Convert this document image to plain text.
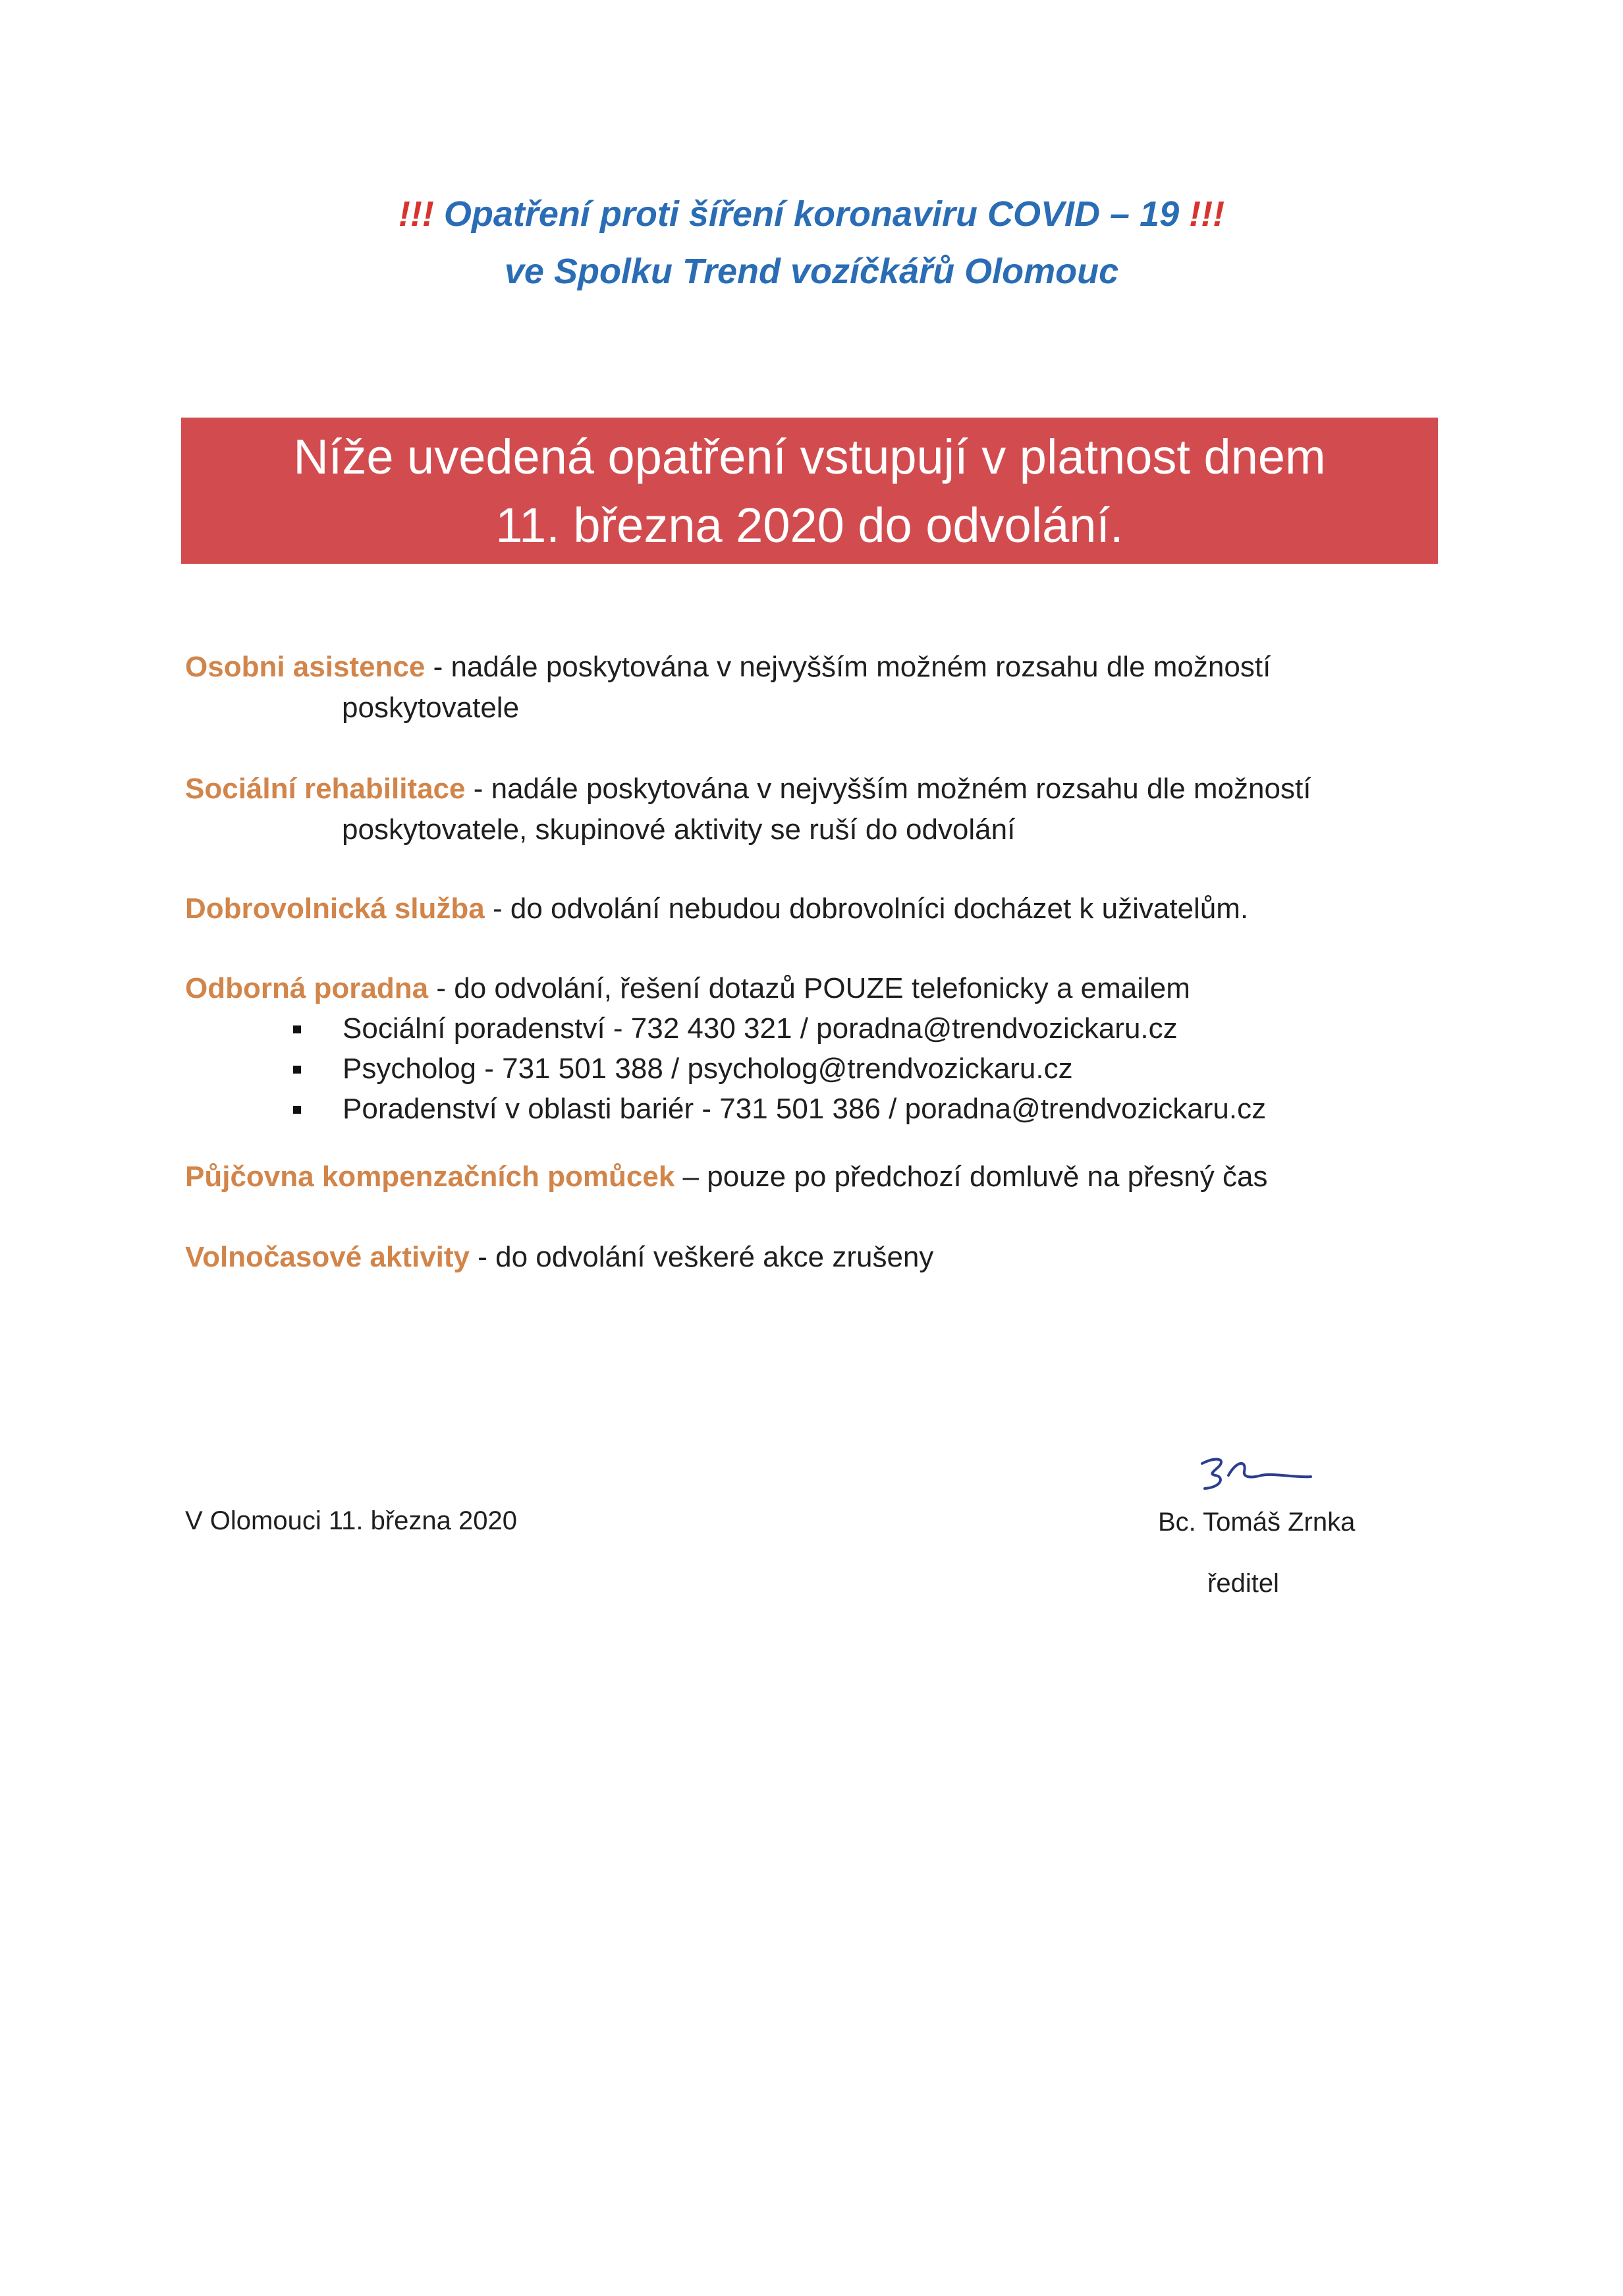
!!! Opatření proti šíření koronaviru COVID – 19 !!!
ve Spolku Trend vozíčkářů Olomouc
Níže uvedená opatření vstupují v platnost dnem
11. března 2020 do odvolání.
Osobni asistence - nadále poskytována v nejvyšším možném rozsahu dle možností
poskytovatele
Sociální rehabilitace - nadále poskytována v nejvyšším možném rozsahu dle možností
poskytovatele, skupinové aktivity se ruší do odvolání
Dobrovolnická služba - do odvolání nebudou dobrovolníci docházet k uživatelům.
Odborná poradna - do odvolání, řešení dotazů POUZE telefonicky a emailem
Sociální poradenství - 732 430 321 / poradna@trendvozickaru.cz
Psycholog - 731 501 388 / psycholog@trendvozickaru.cz
Poradenství v oblasti bariér - 731 501 386 / poradna@trendvozickaru.cz
Půjčovna kompenzačních pomůcek – pouze po předchozí domluvě na přesný čas
Volnočasové aktivity - do odvolání veškeré akce zrušeny
V Olomouci 11. března 2020	Bc. Tomáš Zrnka
ředitel
